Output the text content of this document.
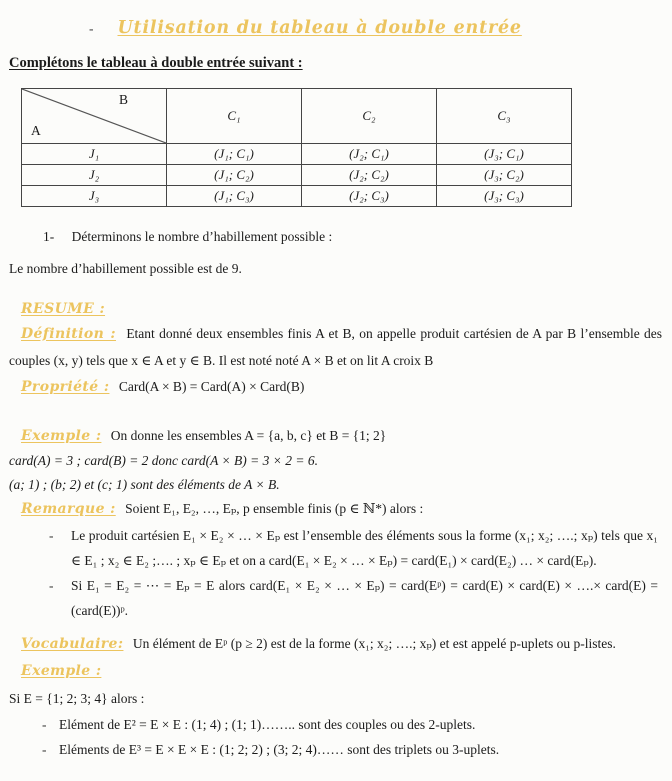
- Utilisation du tableau à double entrée
Complétons le tableau à double entrée suivant :
B
A	C₁	C₂	C₃
J₁	(J₁; C₁)	(J₂; C₁)	(J₃; C₁)
J₂	(J₁; C₂)	(J₂; C₂)	(J₃; C₂)
J₃	(J₁; C₃)	(J₂; C₃)	(J₃; C₃)
1- Déterminons le nombre d’habillement possible :
Le nombre d’habillement possible est de 9.
RESUME :

Définition : Etant donné deux ensembles finis A et B, on appelle produit cartésien de A par B l’ensemble des couples (x, y) tels que x ∈ A et y ∈ B. Il est noté noté A × B et on lit A croix B

Propriété : Card(A × B) = Card(A) × Card(B)

Exemple : On donne les ensembles A = {a, b, c} et B = {1; 2}

card(A) = 3 ; card(B) = 2 donc card(A × B) = 3 × 2 = 6.

(a; 1) ; (b; 2) et (c; 1) sont des éléments de A × B.

Remarque : Soient E₁, E₂, …, Eₚ, p ensemble finis (p ∈ ℕ*) alors :

-	Le produit cartésien E₁ × E₂ × … × Eₚ est l’ensemble des éléments sous la forme (x₁; x₂; ….; xₚ) tels que x₁ ∈ E₁ ; x₂ ∈ E₂ ;…. ; xₚ ∈ Eₚ et on a card(E₁ × E₂ × … × Eₚ) = card(E₁) × card(E₂) … × card(Eₚ).
-	Si E₁ = E₂ = ⋯ = Eₚ = E alors card(E₁ × E₂ × … × Eₚ) = card(Eᵖ) = card(E) × card(E) × ….× card(E) = (card(E))ᵖ.

Vocabulaire: Un élément de Eᵖ (p ≥ 2) est de la forme (x₁; x₂; ….; xₚ) et est appelé p-uplets ou p-listes.

Exemple :
Si E = {1; 2; 3; 4} alors :
- Elément de E² = E × E : (1; 4) ; (1; 1)…….. sont des couples ou des 2-uplets.
- Eléments de E³ = E × E × E : (1; 2; 2) ; (3; 2; 4)…… sont des triplets ou 3-uplets.
